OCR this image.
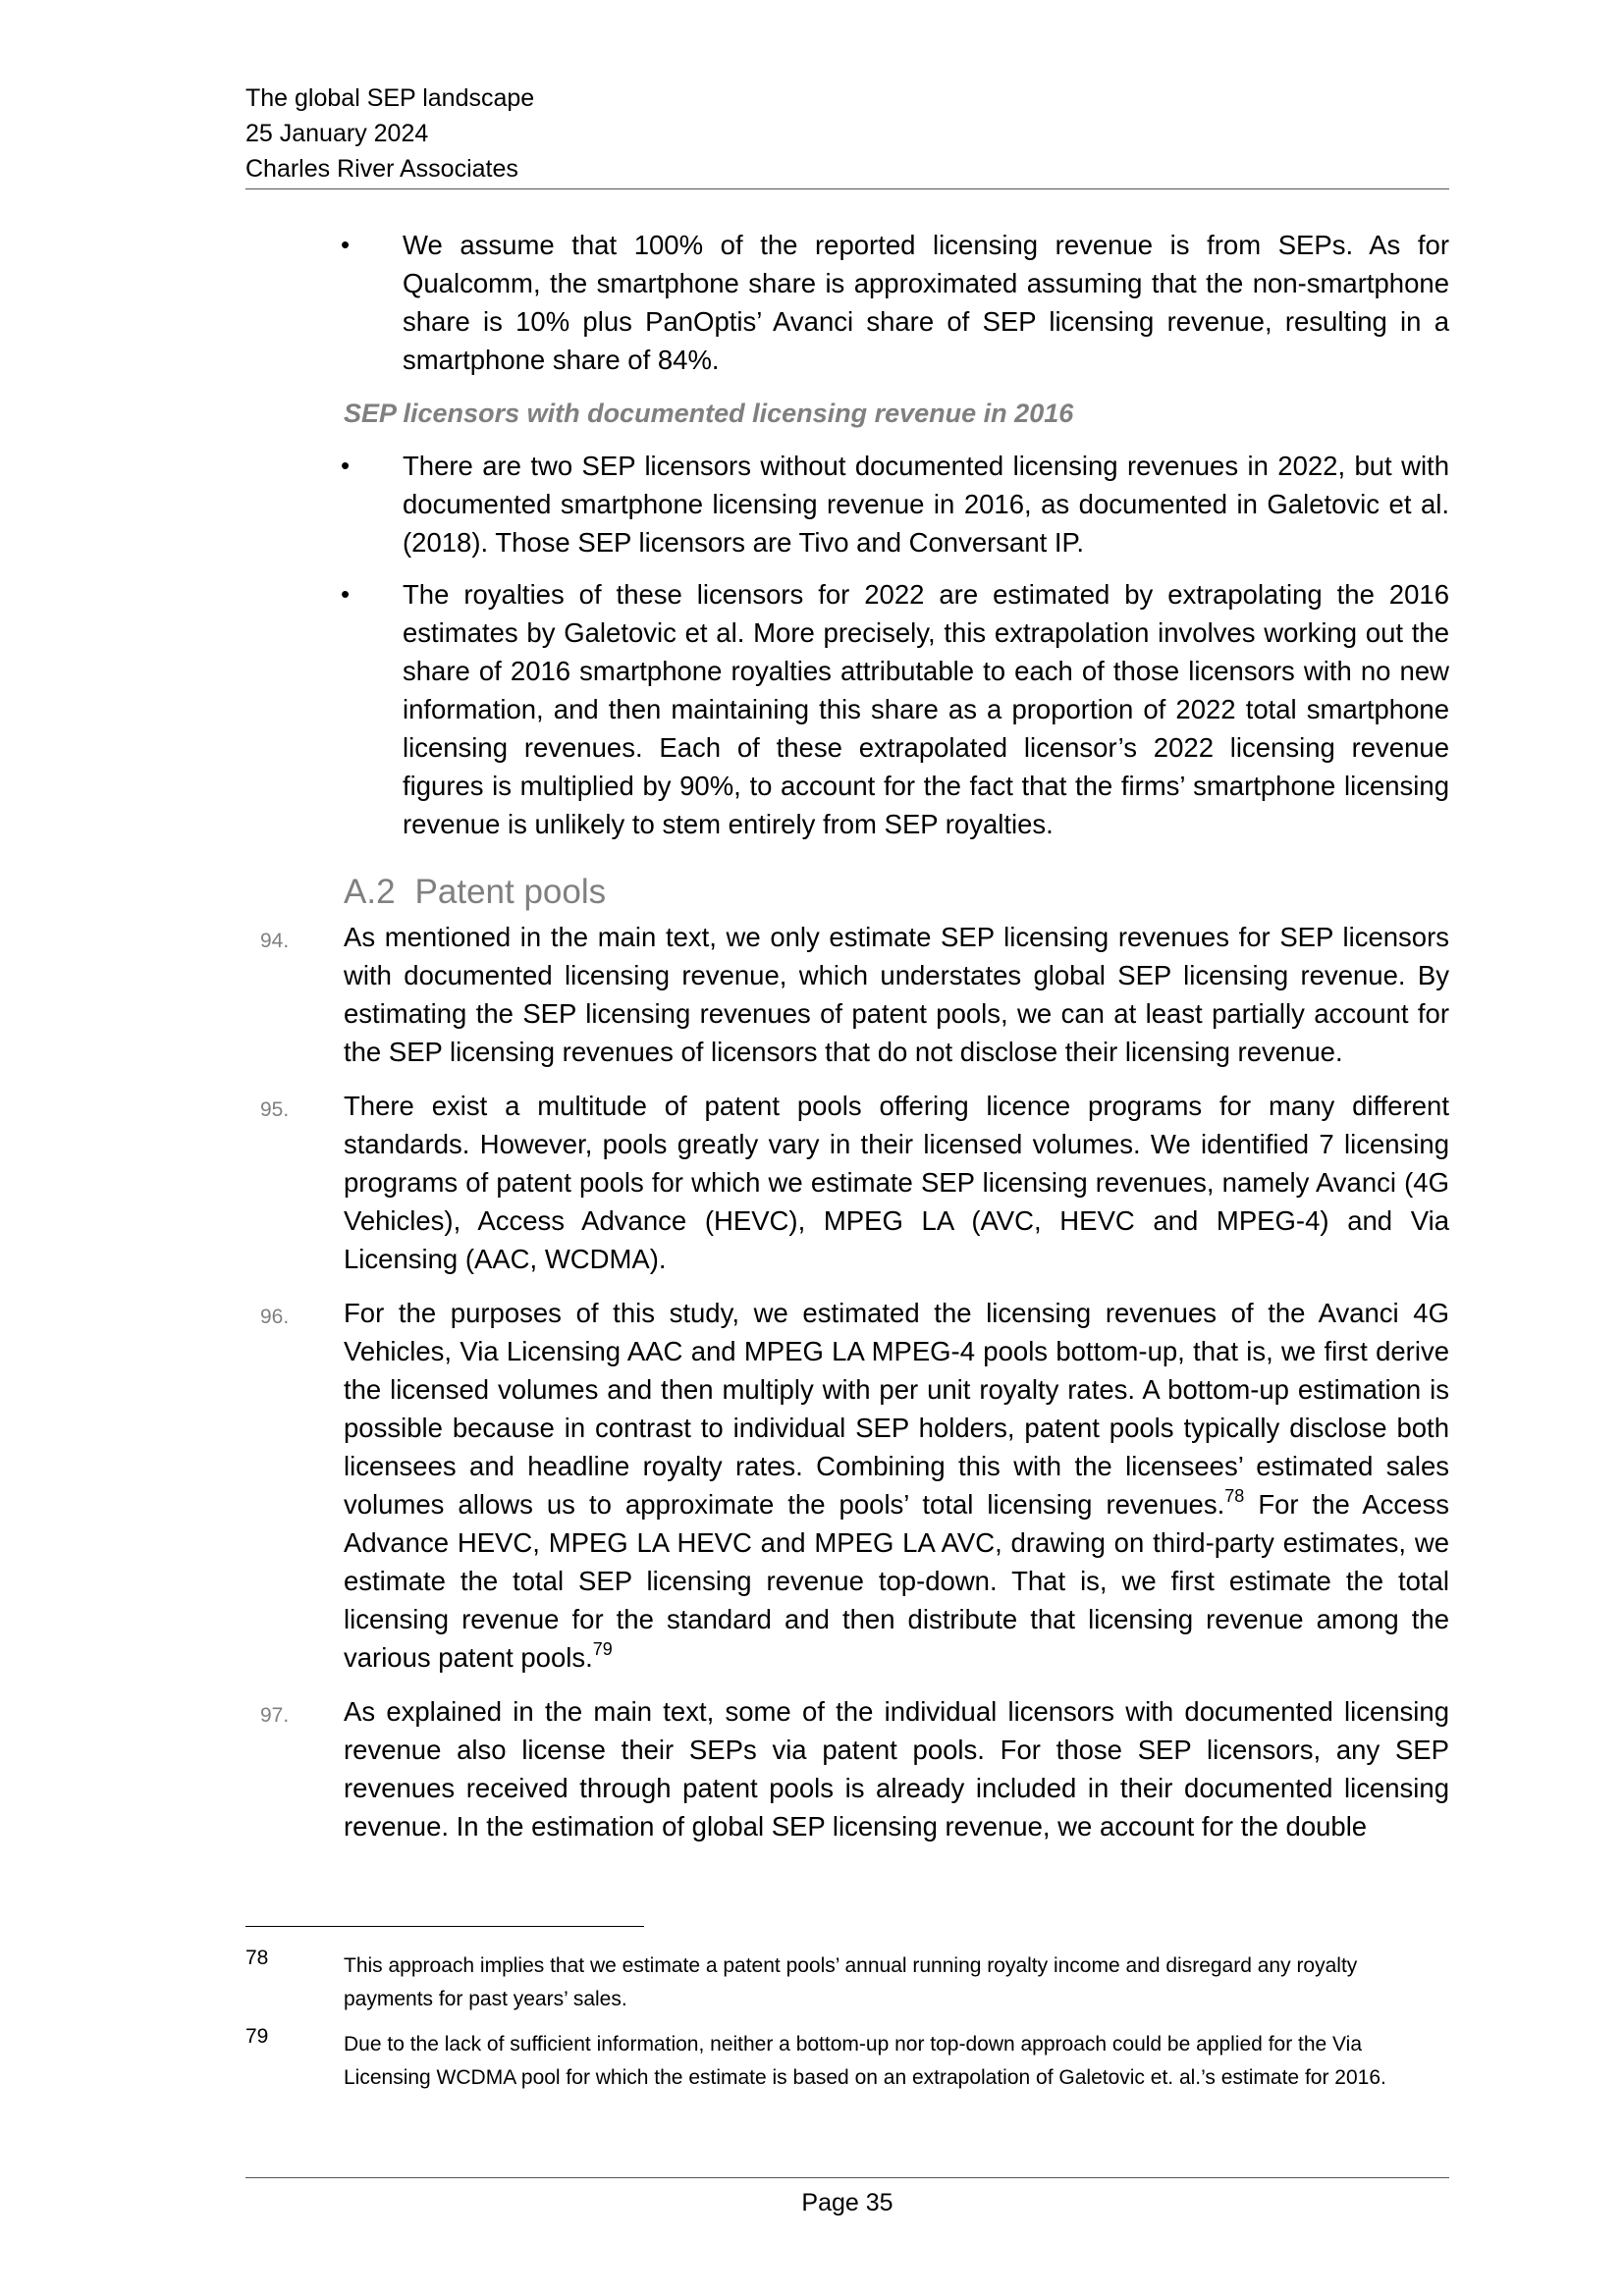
The global SEP landscape
25 January 2024
Charles River Associates
• We assume that 100% of the reported licensing revenue is from SEPs. As for Qualcomm, the smartphone share is approximated assuming that the non-smartphone share is 10% plus PanOptis’ Avanci share of SEP licensing revenue, resulting in a smartphone share of 84%.
SEP licensors with documented licensing revenue in 2016
• There are two SEP licensors without documented licensing revenues in 2022, but with documented smartphone licensing revenue in 2016, as documented in Galetovic et al. (2018). Those SEP licensors are Tivo and Conversant IP.
• The royalties of these licensors for 2022 are estimated by extrapolating the 2016 estimates by Galetovic et al. More precisely, this extrapolation involves working out the share of 2016 smartphone royalties attributable to each of those licensors with no new information, and then maintaining this share as a proportion of 2022 total smartphone licensing revenues. Each of these extrapolated licensor’s 2022 licensing revenue figures is multiplied by 90%, to account for the fact that the firms’ smartphone licensing revenue is unlikely to stem entirely from SEP royalties.
A.2 Patent pools
94. As mentioned in the main text, we only estimate SEP licensing revenues for SEP licensors with documented licensing revenue, which understates global SEP licensing revenue. By estimating the SEP licensing revenues of patent pools, we can at least partially account for the SEP licensing revenues of licensors that do not disclose their licensing revenue.
95. There exist a multitude of patent pools offering licence programs for many different standards. However, pools greatly vary in their licensed volumes. We identified 7 licensing programs of patent pools for which we estimate SEP licensing revenues, namely Avanci (4G Vehicles), Access Advance (HEVC), MPEG LA (AVC, HEVC and MPEG-4) and Via Licensing (AAC, WCDMA).
96. For the purposes of this study, we estimated the licensing revenues of the Avanci 4G Vehicles, Via Licensing AAC and MPEG LA MPEG-4 pools bottom-up, that is, we first derive the licensed volumes and then multiply with per unit royalty rates. A bottom-up estimation is possible because in contrast to individual SEP holders, patent pools typically disclose both licensees and headline royalty rates. Combining this with the licensees’ estimated sales volumes allows us to approximate the pools’ total licensing revenues.$^{78}$ For the Access Advance HEVC, MPEG LA HEVC and MPEG LA AVC, drawing on third-party estimates, we estimate the total SEP licensing revenue top-down. That is, we first estimate the total licensing revenue for the standard and then distribute that licensing revenue among the various patent pools.$^{79}$
97. As explained in the main text, some of the individual licensors with documented licensing revenue also license their SEPs via patent pools. For those SEP licensors, any SEP revenues received through patent pools is already included in their documented licensing revenue. In the estimation of global SEP licensing revenue, we account for the double
78	This approach implies that we estimate a patent pools’ annual running royalty income and disregard any royalty payments for past years’ sales.
79	Due to the lack of sufficient information, neither a bottom-up nor top-down approach could be applied for the Via Licensing WCDMA pool for which the estimate is based on an extrapolation of Galetovic et. al.’s estimate for 2016.
Page 35
